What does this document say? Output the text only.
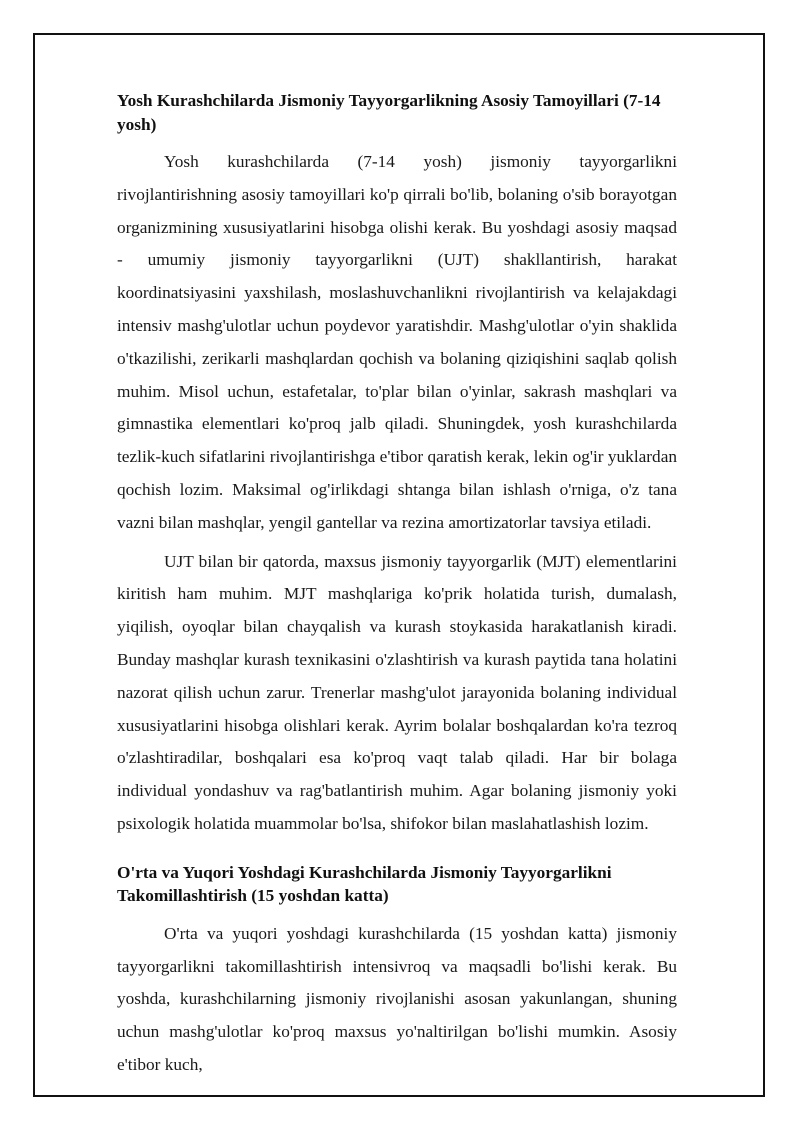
Yosh Kurashchilarda Jismoniy Tayyorgarlikning Asosiy Tamoyillari (7-14 yosh)

Yosh kurashchilarda (7-14 yosh) jismoniy tayyorgarlikni rivojlantirishning asosiy tamoyillari ko'p qirrali bo'lib, bolaning o'sib borayotgan organizmining xususiyatlarini hisobga olishi kerak. Bu yoshdagi asosiy maqsad - umumiy jismoniy tayyorgarlikni (UJT) shakllantirish, harakat koordinatsiyasini yaxshilash, moslashuvchanlikni rivojlantirish va kelajakdagi intensiv mashg'ulotlar uchun poydevor yaratishdir. Mashg'ulotlar o'yin shaklida o'tkazilishi, zerikarli mashqlardan qochish va bolaning qiziqishini saqlab qolish muhim. Misol uchun, estafetalar, to'plar bilan o'yinlar, sakrash mashqlari va gimnastika elementlari ko'proq jalb qiladi. Shuningdek, yosh kurashchilarda tezlik-kuch sifatlarini rivojlantirishga e'tibor qaratish kerak, lekin og'ir yuklardan qochish lozim. Maksimal og'irlikdagi shtanga bilan ishlash o'rniga, o'z tana vazni bilan mashqlar, yengil gantellar va rezina amortizatorlar tavsiya etiladi.

UJT bilan bir qatorda, maxsus jismoniy tayyorgarlik (MJT) elementlarini kiritish ham muhim. MJT mashqlariga ko'prik holatida turish, dumalash, yiqilish, oyoqlar bilan chayqalish va kurash stoykasida harakatlanish kiradi. Bunday mashqlar kurash texnikasini o'zlashtirish va kurash paytida tana holatini nazorat qilish uchun zarur. Trenerlar mashg'ulot jarayonida bolaning individual xususiyatlarini hisobga olishlari kerak. Ayrim bolalar boshqalardan ko'ra tezroq o'zlashtiradilar, boshqalari esa ko'proq vaqt talab qiladi. Har bir bolaga individual yondashuv va rag'batlantirish muhim. Agar bolaning jismoniy yoki psixologik holatida muammolar bo'lsa, shifokor bilan maslahatlashish lozim.

O'rta va Yuqori Yoshdagi Kurashchilarda Jismoniy Tayyorgarlikni Takomillashtirish (15 yoshdan katta)

O'rta va yuqori yoshdagi kurashchilarda (15 yoshdan katta) jismoniy tayyorgarlikni takomillashtirish intensivroq va maqsadli bo'lishi kerak. Bu yoshda, kurashchilarning jismoniy rivojlanishi asosan yakunlangan, shuning uchun mashg'ulotlar ko'proq maxsus yo'naltirilgan bo'lishi mumkin. Asosiy e'tibor kuch,
